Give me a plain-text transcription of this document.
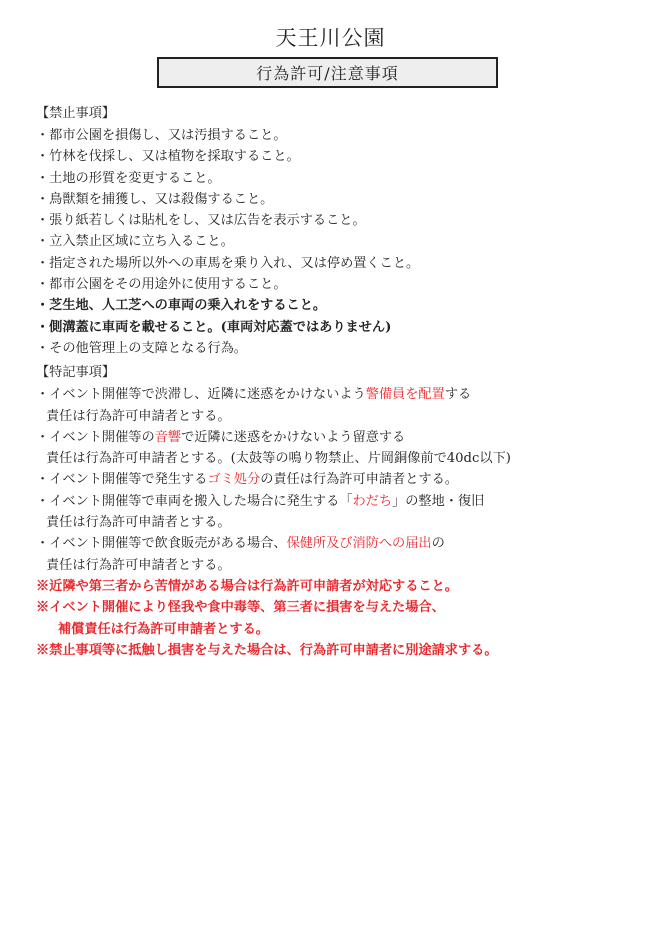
天王川公園
行為許可/注意事項
【禁止事項】
・都市公園を損傷し、又は汚損すること。
・竹林を伐採し、又は植物を採取すること。
・土地の形質を変更すること。
・鳥獣類を捕獲し、又は殺傷すること。
・張り紙若しくは貼札をし、又は広告を表示すること。
・立入禁止区域に立ち入ること。
・指定された場所以外への車馬を乗り入れ、又は停め置くこと。
・都市公園をその用途外に使用すること。
・芝生地、人工芝への車両の乗入れをすること。
・側溝蓋に車両を載せること。(車両対応蓋ではありません)
・その他管理上の支障となる行為。
【特記事項】
・イベント開催等で渋滞し、近隣に迷惑をかけないよう警備員を配置する
責任は行為許可申請者とする。
・イベント開催等の音響で近隣に迷惑をかけないよう留意する
責任は行為許可申請者とする。(太鼓等の鳴り物禁止、片岡銅像前で40dc以下)
・イベント開催等で発生するゴミ処分の責任は行為許可申請者とする。
・イベント開催等で車両を搬入した場合に発生する「わだち」の整地・復旧
責任は行為許可申請者とする。
・イベント開催等で飲食販売がある場合、保健所及び消防への届出の
責任は行為許可申請者とする。
※近隣や第三者から苦情がある場合は行為許可申請者が対応すること。
※イベント開催により怪我や食中毒等、第三者に損害を与えた場合、
補償責任は行為許可申請者とする。
※禁止事項等に抵触し損害を与えた場合は、行為許可申請者に別途請求する。
